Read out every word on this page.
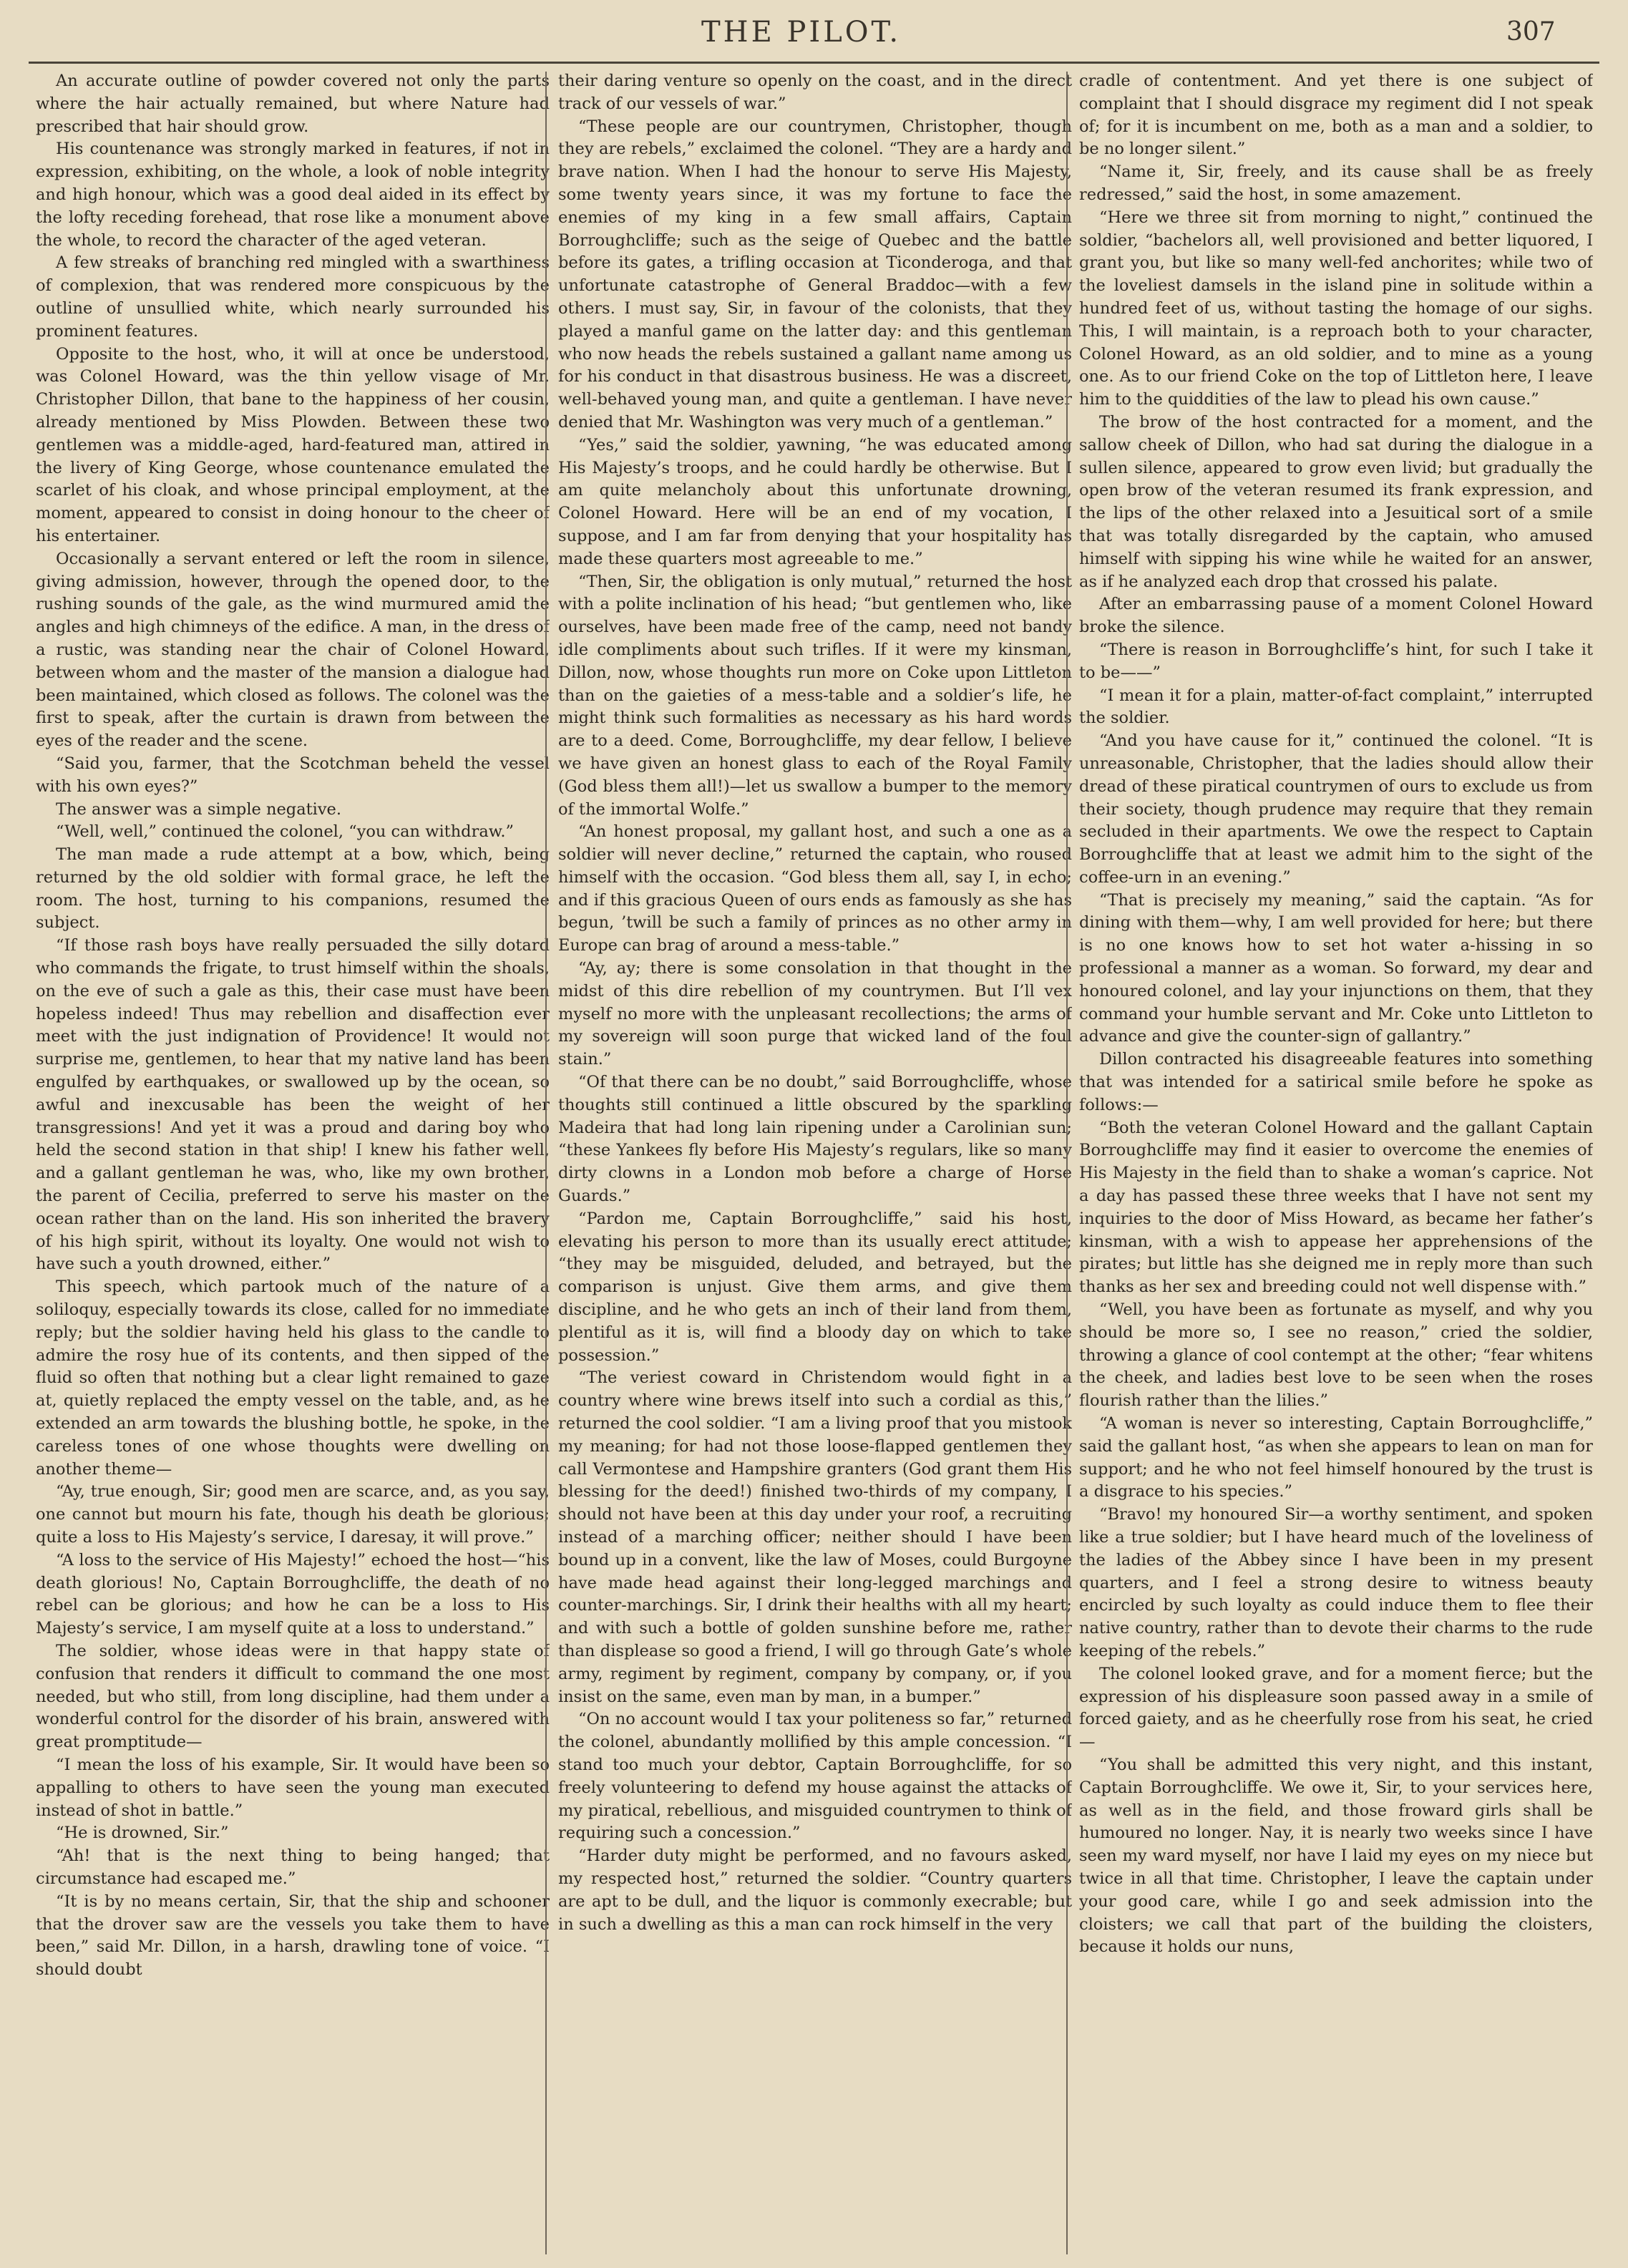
THE PILOT.	307

An accurate outline of powder covered not only the parts where the hair actually remained, but where Nature had prescribed that hair should grow.

His countenance was strongly marked in features, if not in expression, exhibiting, on the whole, a look of noble integrity and high honour, which was a good deal aided in its effect by the lofty receding forehead, that rose like a monument above the whole, to record the character of the aged veteran.

A few streaks of branching red mingled with a swarthiness of complexion, that was rendered more conspicuous by the outline of unsullied white, which nearly surrounded his prominent features.

Opposite to the host, who, it will at once be understood, was Colonel Howard, was the thin yellow visage of Mr. Christopher Dillon, that bane to the happiness of her cousin, already mentioned by Miss Plowden. Between these two gentlemen was a middle-aged, hard-featured man, attired in the livery of King George, whose countenance emulated the scarlet of his cloak, and whose principal employment, at the moment, appeared to consist in doing honour to the cheer of his entertainer.

Occasionally a servant entered or left the room in silence, giving admission, however, through the opened door, to the rushing sounds of the gale, as the wind murmured amid the angles and high chimneys of the edifice. A man, in the dress of a rustic, was standing near the chair of Colonel Howard, between whom and the master of the mansion a dialogue had been maintained, which closed as follows. The colonel was the first to speak, after the curtain is drawn from between the eyes of the reader and the scene.

“Said you, farmer, that the Scotchman beheld the vessel with his own eyes?”

The answer was a simple negative.

“Well, well,” continued the colonel, “you can withdraw.”

The man made a rude attempt at a bow, which, being returned by the old soldier with formal grace, he left the room. The host, turning to his companions, resumed the subject.

“If those rash boys have really persuaded the silly dotard who commands the frigate, to trust himself within the shoals, on the eve of such a gale as this, their case must have been hopeless indeed! Thus may rebellion and disaffection ever meet with the just indignation of Providence! It would not surprise me, gentlemen, to hear that my native land has been engulfed by earthquakes, or swallowed up by the ocean, so awful and inexcusable has been the weight of her transgressions! And yet it was a proud and daring boy who held the second station in that ship! I knew his father well, and a gallant gentleman he was, who, like my own brother, the parent of Cecilia, preferred to serve his master on the ocean rather than on the land. His son inherited the bravery of his high spirit, without its loyalty. One would not wish to have such a youth drowned, either.”

This speech, which partook much of the nature of a soliloquy, especially towards its close, called for no immediate reply; but the soldier having held his glass to the candle to admire the rosy hue of its contents, and then sipped of the fluid so often that nothing but a clear light remained to gaze at, quietly replaced the empty vessel on the table, and, as he extended an arm towards the blushing bottle, he spoke, in the careless tones of one whose thoughts were dwelling on another theme—

“Ay, true enough, Sir; good men are scarce, and, as you say, one cannot but mourn his fate, though his death be glorious; quite a loss to His Majesty’s service, I daresay, it will prove.”

“A loss to the service of His Majesty!” echoed the host—“his death glorious! No, Captain Borroughcliffe, the death of no rebel can be glorious; and how he can be a loss to His Majesty’s service, I am myself quite at a loss to understand.”

The soldier, whose ideas were in that happy state of confusion that renders it difficult to command the one most needed, but who still, from long discipline, had them under a wonderful control for the disorder of his brain, answered with great promptitude—

“I mean the loss of his example, Sir. It would have been so appalling to others to have seen the young man executed instead of shot in battle.”

“He is drowned, Sir.”

“Ah! that is the next thing to being hanged; that circumstance had escaped me.”

“It is by no means certain, Sir, that the ship and schooner that the drover saw are the vessels you take them to have been,” said Mr. Dillon, in a harsh, drawling tone of voice. “I should doubt

their daring venture so openly on the coast, and in the direct track of our vessels of war.”

“These people are our countrymen, Christopher, though they are rebels,” exclaimed the colonel. “They are a hardy and brave nation. When I had the honour to serve His Majesty, some twenty years since, it was my fortune to face the enemies of my king in a few small affairs, Captain Borroughcliffe; such as the seige of Quebec and the battle before its gates, a trifling occasion at Ticonderoga, and that unfortunate catastrophe of General Braddoc—with a few others. I must say, Sir, in favour of the colonists, that they played a manful game on the latter day: and this gentleman who now heads the rebels sustained a gallant name among us for his conduct in that disastrous business. He was a discreet, well-behaved young man, and quite a gentleman. I have never denied that Mr. Washington was very much of a gentleman.”

“Yes,” said the soldier, yawning, “he was educated among His Majesty’s troops, and he could hardly be otherwise. But I am quite melancholy about this unfortunate drowning, Colonel Howard. Here will be an end of my vocation, I suppose, and I am far from denying that your hospitality has made these quarters most agreeable to me.”

“Then, Sir, the obligation is only mutual,” returned the host with a polite inclination of his head; “but gentlemen who, like ourselves, have been made free of the camp, need not bandy idle compliments about such trifles. If it were my kinsman, Dillon, now, whose thoughts run more on Coke upon Littleton than on the gaieties of a mess-table and a soldier’s life, he might think such formalities as necessary as his hard words are to a deed. Come, Borroughcliffe, my dear fellow, I believe we have given an honest glass to each of the Royal Family (God bless them all!)—let us swallow a bumper to the memory of the immortal Wolfe.”

“An honest proposal, my gallant host, and such a one as a soldier will never decline,” returned the captain, who roused himself with the occasion. “God bless them all, say I, in echo; and if this gracious Queen of ours ends as famously as she has begun, ’twill be such a family of princes as no other army in Europe can brag of around a mess-table.”

“Ay, ay; there is some consolation in that thought in the midst of this dire rebellion of my countrymen. But I’ll vex myself no more with the unpleasant recollections; the arms of my sovereign will soon purge that wicked land of the foul stain.”

“Of that there can be no doubt,” said Borroughcliffe, whose thoughts still continued a little obscured by the sparkling Madeira that had long lain ripening under a Carolinian sun; “these Yankees fly before His Majesty’s regulars, like so many dirty clowns in a London mob before a charge of Horse Guards.”

“Pardon me, Captain Borroughcliffe,” said his host, elevating his person to more than its usually erect attitude; “they may be misguided, deluded, and betrayed, but the comparison is unjust. Give them arms, and give them discipline, and he who gets an inch of their land from them, plentiful as it is, will find a bloody day on which to take possession.”

“The veriest coward in Christendom would fight in a country where wine brews itself into such a cordial as this,” returned the cool soldier. “I am a living proof that you mistook my meaning; for had not those loose-flapped gentlemen they call Vermontese and Hampshire granters (God grant them His blessing for the deed!) finished two-thirds of my company, I should not have been at this day under your roof, a recruiting instead of a marching officer; neither should I have been bound up in a convent, like the law of Moses, could Burgoyne have made head against their long-legged marchings and counter-marchings. Sir, I drink their healths with all my heart; and with such a bottle of golden sunshine before me, rather than displease so good a friend, I will go through Gate’s whole army, regiment by regiment, company by company, or, if you insist on the same, even man by man, in a bumper.”

“On no account would I tax your politeness so far,” returned the colonel, abundantly mollified by this ample concession. “I stand too much your debtor, Captain Borroughcliffe, for so freely volunteering to defend my house against the attacks of my piratical, rebellious, and misguided countrymen to think of requiring such a concession.”

“Harder duty might be performed, and no favours asked, my respected host,” returned the soldier. “Country quarters are apt to be dull, and the liquor is commonly execrable; but in such a dwelling as this a man can rock himself in the very

cradle of contentment. And yet there is one subject of complaint that I should disgrace my regiment did I not speak of; for it is incumbent on me, both as a man and a soldier, to be no longer silent.”

“Name it, Sir, freely, and its cause shall be as freely redressed,” said the host, in some amazement.

“Here we three sit from morning to night,” continued the soldier, “bachelors all, well provisioned and better liquored, I grant you, but like so many well-fed anchorites; while two of the loveliest damsels in the island pine in solitude within a hundred feet of us, without tasting the homage of our sighs. This, I will maintain, is a reproach both to your character, Colonel Howard, as an old soldier, and to mine as a young one. As to our friend Coke on the top of Littleton here, I leave him to the quiddities of the law to plead his own cause.”

The brow of the host contracted for a moment, and the sallow cheek of Dillon, who had sat during the dialogue in a sullen silence, appeared to grow even livid; but gradually the open brow of the veteran resumed its frank expression, and the lips of the other relaxed into a Jesuitical sort of a smile that was totally disregarded by the captain, who amused himself with sipping his wine while he waited for an answer, as if he analyzed each drop that crossed his palate.

After an embarrassing pause of a moment Colonel Howard broke the silence.

“There is reason in Borroughcliffe’s hint, for such I take it to be——”

“I mean it for a plain, matter-of-fact complaint,” interrupted the soldier.

“And you have cause for it,” continued the colonel. “It is unreasonable, Christopher, that the ladies should allow their dread of these piratical countrymen of ours to exclude us from their society, though prudence may require that they remain secluded in their apartments. We owe the respect to Captain Borroughcliffe that at least we admit him to the sight of the coffee-urn in an evening.”

“That is precisely my meaning,” said the captain. “As for dining with them—why, I am well provided for here; but there is no one knows how to set hot water a-hissing in so professional a manner as a woman. So forward, my dear and honoured colonel, and lay your injunctions on them, that they command your humble servant and Mr. Coke unto Littleton to advance and give the counter-sign of gallantry.”

Dillon contracted his disagreeable features into something that was intended for a satirical smile before he spoke as follows:—

“Both the veteran Colonel Howard and the gallant Captain Borroughcliffe may find it easier to overcome the enemies of His Majesty in the field than to shake a woman’s caprice. Not a day has passed these three weeks that I have not sent my inquiries to the door of Miss Howard, as became her father’s kinsman, with a wish to appease her apprehensions of the pirates; but little has she deigned me in reply more than such thanks as her sex and breeding could not well dispense with.”

“Well, you have been as fortunate as myself, and why you should be more so, I see no reason,” cried the soldier, throwing a glance of cool contempt at the other; “fear whitens the cheek, and ladies best love to be seen when the roses flourish rather than the lilies.”

“A woman is never so interesting, Captain Borroughcliffe,” said the gallant host, “as when she appears to lean on man for support; and he who not feel himself honoured by the trust is a disgrace to his species.”

“Bravo! my honoured Sir—a worthy sentiment, and spoken like a true soldier; but I have heard much of the loveliness of the ladies of the Abbey since I have been in my present quarters, and I feel a strong desire to witness beauty encircled by such loyalty as could induce them to flee their native country, rather than to devote their charms to the rude keeping of the rebels.”

The colonel looked grave, and for a moment fierce; but the expression of his displeasure soon passed away in a smile of forced gaiety, and as he cheerfully rose from his seat, he cried—

“You shall be admitted this very night, and this instant, Captain Borroughcliffe. We owe it, Sir, to your services here, as well as in the field, and those froward girls shall be humoured no longer. Nay, it is nearly two weeks since I have seen my ward myself, nor have I laid my eyes on my niece but twice in all that time. Christopher, I leave the captain under your good care, while I go and seek admission into the cloisters; we call that part of the building the cloisters, because it holds our nuns,
